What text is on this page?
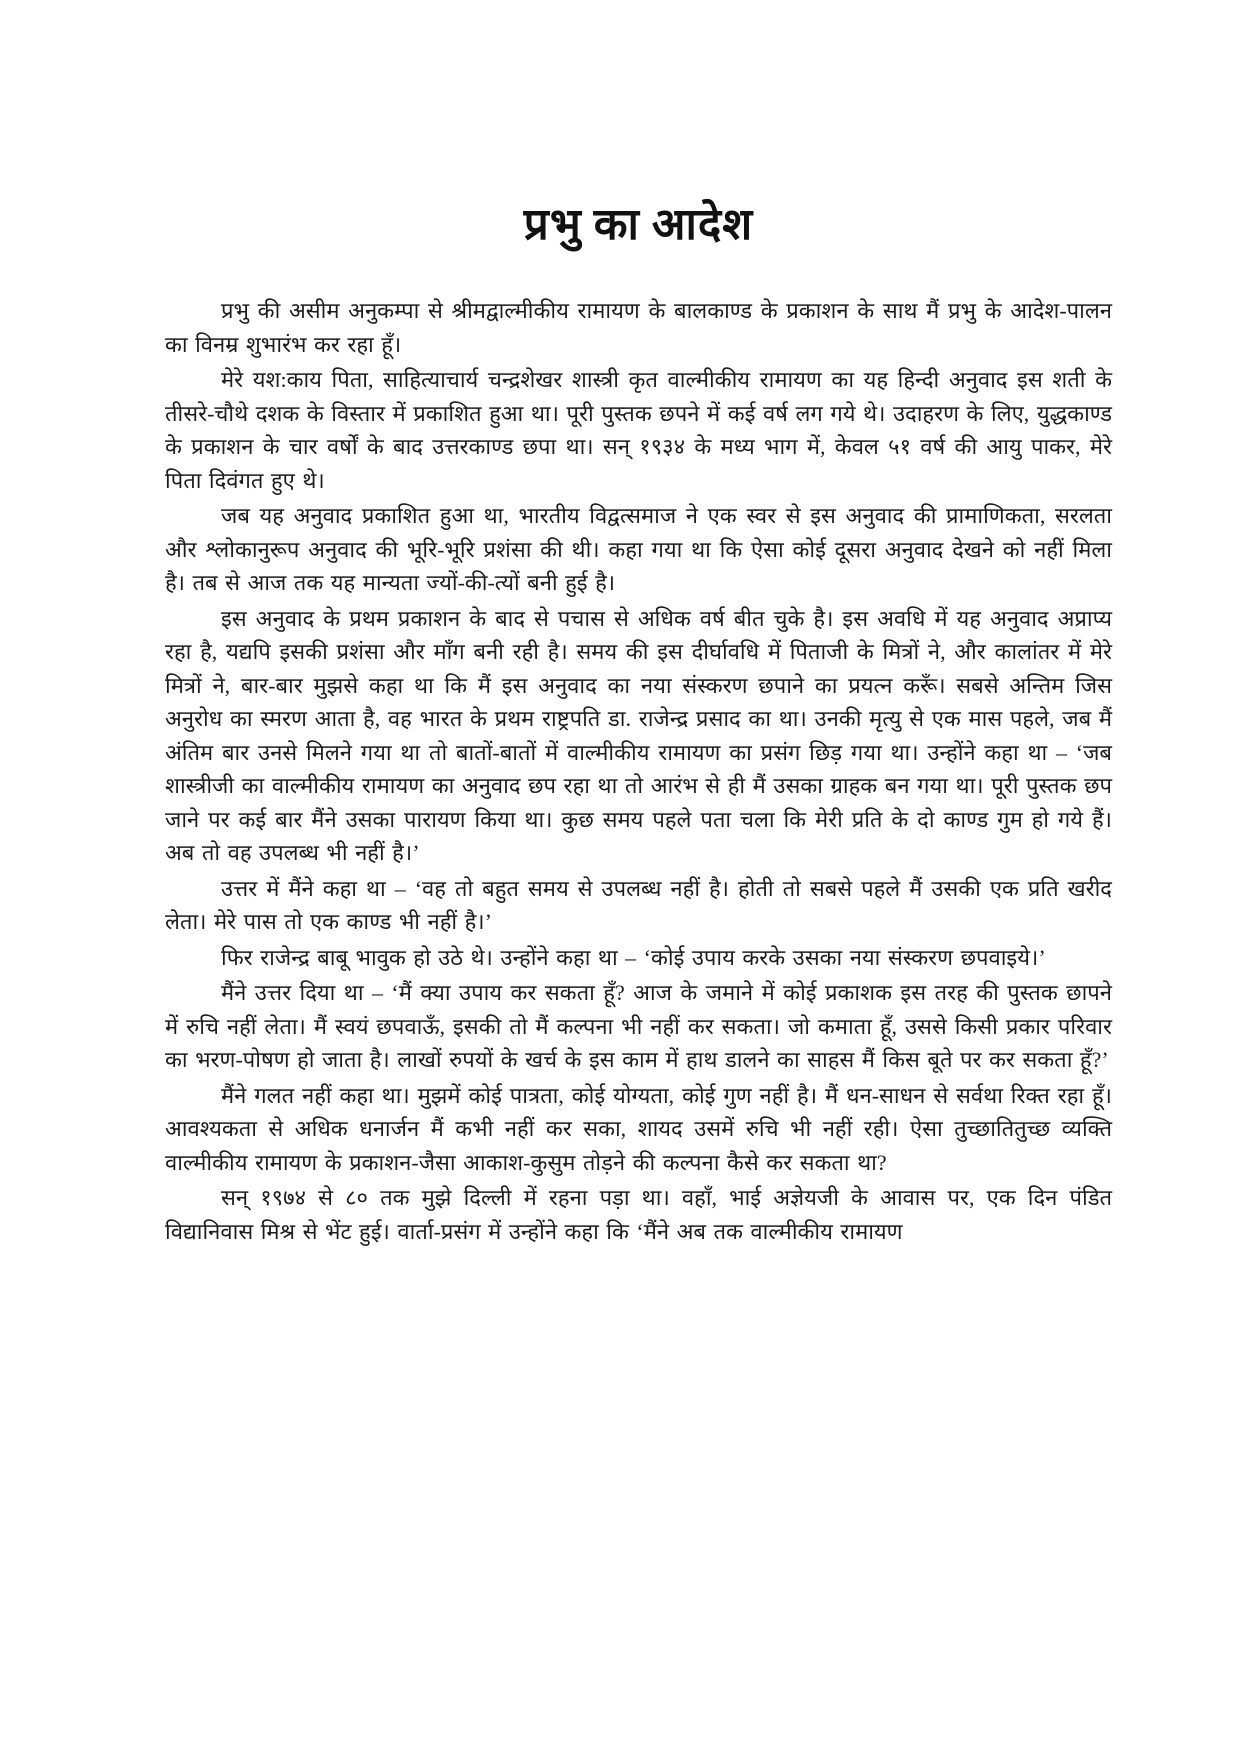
प्रभु का आदेश

प्रभु की असीम अनुकम्पा से श्रीमद्वाल्मीकीय रामायण के बालकाण्ड के प्रकाशन के साथ मैं प्रभु के आदेश-पालन का विनम्र शुभारंभ कर रहा हूँ।

मेरे यश:काय पिता, साहित्याचार्य चन्द्रशेखर शास्त्री कृत वाल्मीकीय रामायण का यह हिन्दी अनुवाद इस शती के तीसरे-चौथे दशक के विस्तार में प्रकाशित हुआ था। पूरी पुस्तक छपने में कई वर्ष लग गये थे। उदाहरण के लिए, युद्धकाण्ड के प्रकाशन के चार वर्षों के बाद उत्तरकाण्ड छपा था। सन् १९३४ के मध्य भाग में, केवल ५१ वर्ष की आयु पाकर, मेरे पिता दिवंगत हुए थे।

जब यह अनुवाद प्रकाशित हुआ था, भारतीय विद्वत्समाज ने एक स्वर से इस अनुवाद की प्रामाणिकता, सरलता और श्लोकानुरूप अनुवाद की भूरि-भूरि प्रशंसा की थी। कहा गया था कि ऐसा कोई दूसरा अनुवाद देखने को नहीं मिला है। तब से आज तक यह मान्यता ज्यों-की-त्यों बनी हुई है।

इस अनुवाद के प्रथम प्रकाशन के बाद से पचास से अधिक वर्ष बीत चुके है। इस अवधि में यह अनुवाद अप्राप्य रहा है, यद्यपि इसकी प्रशंसा और माँग बनी रही है। समय की इस दीर्घावधि में पिताजी के मित्रों ने, और कालांतर में मेरे मित्रों ने, बार-बार मुझसे कहा था कि मैं इस अनुवाद का नया संस्करण छपाने का प्रयत्न करूँ। सबसे अन्तिम जिस अनुरोध का स्मरण आता है, वह भारत के प्रथम राष्ट्रपति डा. राजेन्द्र प्रसाद का था। उनकी मृत्यु से एक मास पहले, जब मैं अंतिम बार उनसे मिलने गया था तो बातों-बातों में वाल्मीकीय रामायण का प्रसंग छिड़ गया था। उन्होंने कहा था – ‘जब शास्त्रीजी का वाल्मीकीय रामायण का अनुवाद छप रहा था तो आरंभ से ही मैं उसका ग्राहक बन गया था। पूरी पुस्तक छप जाने पर कई बार मैंने उसका पारायण किया था। कुछ समय पहले पता चला कि मेरी प्रति के दो काण्ड गुम हो गये हैं। अब तो वह उपलब्ध भी नहीं है।’

उत्तर में मैंने कहा था – ‘वह तो बहुत समय से उपलब्ध नहीं है। होती तो सबसे पहले मैं उसकी एक प्रति खरीद लेता। मेरे पास तो एक काण्ड भी नहीं है।’

फिर राजेन्द्र बाबू भावुक हो उठे थे। उन्होंने कहा था – ‘कोई उपाय करके उसका नया संस्करण छपवाइये।’

मैंने उत्तर दिया था – ‘मैं क्या उपाय कर सकता हूँ? आज के जमाने में कोई प्रकाशक इस तरह की पुस्तक छापने में रुचि नहीं लेता। मैं स्वयं छपवाऊँ, इसकी तो मैं कल्पना भी नहीं कर सकता। जो कमाता हूँ, उससे किसी प्रकार परिवार का भरण-पोषण हो जाता है। लाखों रुपयों के खर्च के इस काम में हाथ डालने का साहस मैं किस बूते पर कर सकता हूँ?’

मैंने गलत नहीं कहा था। मुझमें कोई पात्रता, कोई योग्यता, कोई गुण नहीं है। मैं धन-साधन से सर्वथा रिक्त रहा हूँ। आवश्यकता से अधिक धनार्जन मैं कभी नहीं कर सका, शायद उसमें रुचि भी नहीं रही। ऐसा तुच्छातितुच्छ व्यक्ति वाल्मीकीय रामायण के प्रकाशन-जैसा आकाश-कुसुम तोड़ने की कल्पना कैसे कर सकता था?

सन् १९७४ से ८० तक मुझे दिल्ली में रहना पड़ा था। वहाँ, भाई अज्ञेयजी के आवास पर, एक दिन पंडित विद्यानिवास मिश्र से भेंट हुई। वार्ता-प्रसंग में उन्होंने कहा कि ‘मैंने अब तक वाल्मीकीय रामायण
